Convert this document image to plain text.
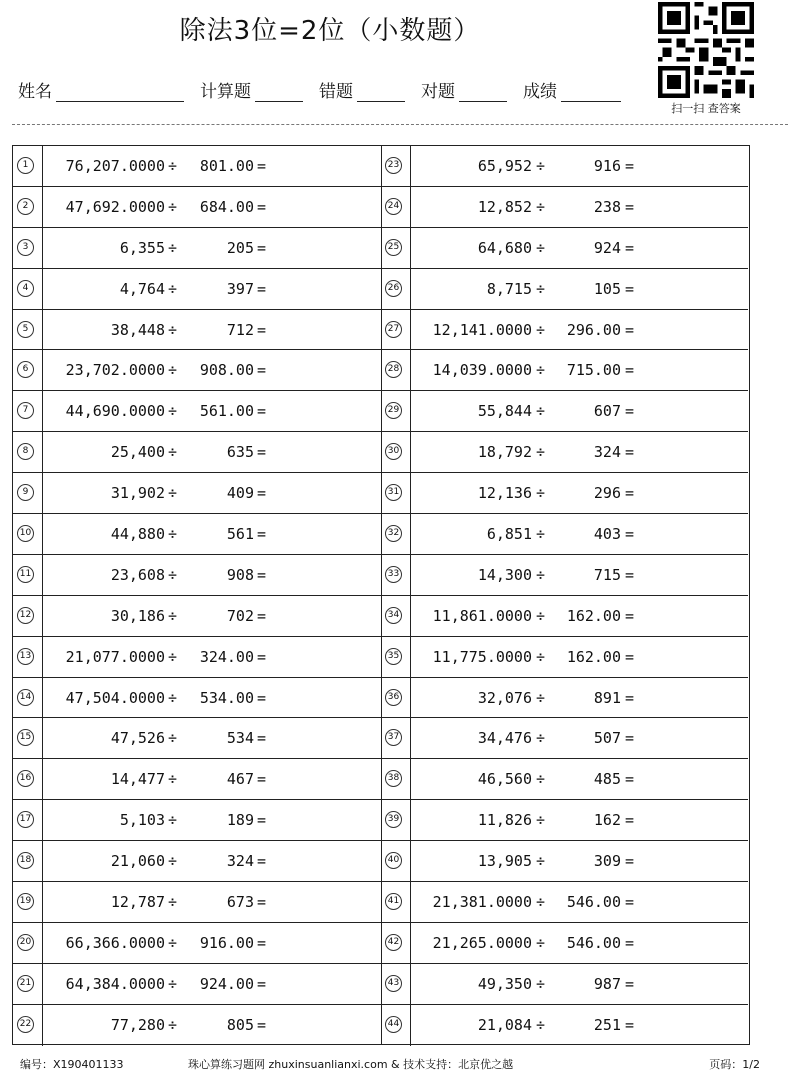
除法3位=2位（小数题）
姓名	计算题	错题	对题	成绩
扫一扫 查答案
1	76,207.0000 ÷ 801.00 =
2	47,692.0000 ÷ 684.00 =
3	6,355 ÷	205 =
4	4,764 ÷	397 =
5	38,448 ÷	712 =
6	23,702.0000 ÷ 908.00 =
7	44,690.0000 ÷ 561.00 =
8	25,400 ÷	635 =
9	31,902 ÷	409 =
10	44,880 ÷	561 =
11	23,608 ÷	908 =
12	30,186 ÷	702 =
13 21,077.0000 ÷ 324.00 =
14 47,504.0000 ÷ 534.00 =
15	47,526 ÷	534 =
16	14,477 ÷	467 =
17	5,103 ÷	189 =
18	21,060 ÷	324 =
19	12,787 ÷	673 =
20 66,366.0000 ÷ 916.00 =
21 64,384.0000 ÷ 924.00 =
22	77,280 ÷	805 =
23	65,952 ÷	916 =
24	12,852 ÷	238 =
25	64,680 ÷	924 =
26	8,715 ÷	105 =
27 12,141.0000 ÷ 296.00 =
28 14,039.0000 ÷ 715.00 =
29	55,844 ÷	607 =
30	18,792 ÷	324 =
31	12,136 ÷	296 =
32	6,851 ÷	403 =
33	14,300 ÷	715 =
34 11,861.0000 ÷ 162.00 =
35 11,775.0000 ÷ 162.00 =
36	32,076 ÷	891 =
37	34,476 ÷	507 =
38	46,560 ÷	485 =
39	11,826 ÷	162 =
40	13,905 ÷	309 =
41 21,381.0000 ÷ 546.00 =
42 21,265.0000 ÷ 546.00 =
43	49,350 ÷	987 =
44	21,084 ÷	251 =
编号：X190401133	珠心算练习题网 zhuxinsuanlianxi.com & 技术支持：北京优之越	页码：1/2
